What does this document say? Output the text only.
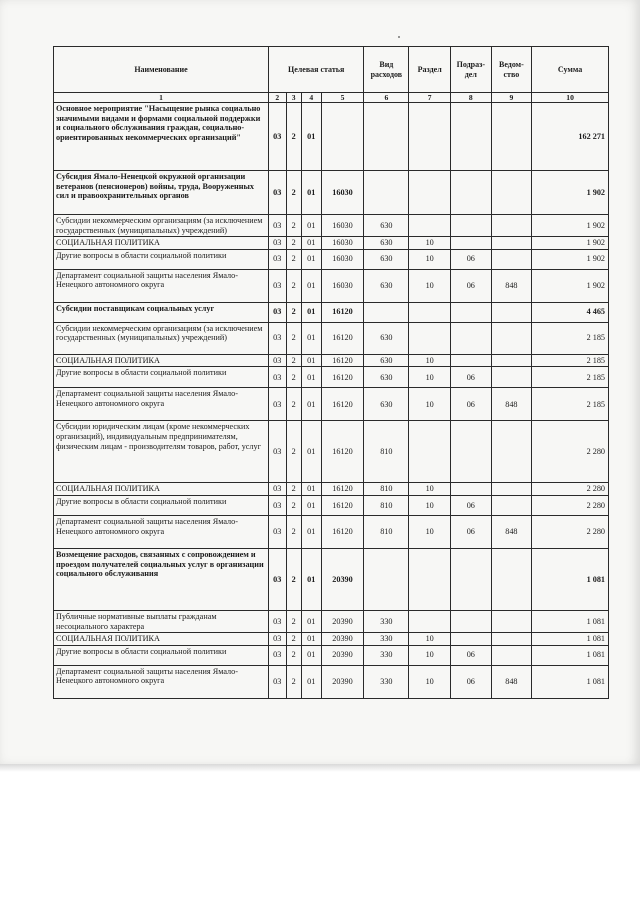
Наименование	Целевая статья				Вид расходов	Раздел	Подраз-дел	Ведом-ство	Сумма
1	2	3	4	5	6	7	8	9	10
Основное мероприятие "Насыщение рынка социально значимыми видами и формами социальной поддержки и социального обслуживания граждан, социально-ориентированных некоммерческих организаций"	03	2	01						162 271
Субсидия Ямало-Ненецкой окружной организации ветеранов (пенсионеров) войны, труда, Вооруженных сил и правоохранительных органов	03	2	01	16030					1 902
Субсидии некоммерческим организациям (за исключением государственных (муниципальных) учреждений)	03	2	01	16030	630				1 902
СОЦИАЛЬНАЯ ПОЛИТИКА	03	2	01	16030	630	10			1 902
Другие вопросы в области социальной политики	03	2	01	16030	630	10	06		1 902
Департамент социальной защиты населения Ямало-Ненецкого автономного округа	03	2	01	16030	630	10	06	848	1 902
Субсидии поставщикам социальных услуг	03	2	01	16120					4 465
Субсидии некоммерческим организациям (за исключением государственных (муниципальных) учреждений)	03	2	01	16120	630				2 185
СОЦИАЛЬНАЯ ПОЛИТИКА	03	2	01	16120	630	10			2 185
Другие вопросы в области социальной политики	03	2	01	16120	630	10	06		2 185
Департамент социальной защиты населения Ямало-Ненецкого автономного округа	03	2	01	16120	630	10	06	848	2 185
Субсидии юридическим лицам (кроме некоммерческих организаций), индивидуальным предпринимателям, физическим лицам - производителям товаров, работ, услуг	03	2	01	16120	810				2 280
СОЦИАЛЬНАЯ ПОЛИТИКА	03	2	01	16120	810	10			2 280
Другие вопросы в области социальной политики	03	2	01	16120	810	10	06		2 280
Департамент социальной защиты населения Ямало-Ненецкого автономного округа	03	2	01	16120	810	10	06	848	2 280
Возмещение расходов, связанных с сопровождением и проездом получателей социальных услуг в организации социального обслуживания	03	2	01	20390					1 081
Публичные нормативные выплаты гражданам несоциального характера	03	2	01	20390	330				1 081
СОЦИАЛЬНАЯ ПОЛИТИКА	03	2	01	20390	330	10			1 081
Другие вопросы в области социальной политики	03	2	01	20390	330	10	06		1 081
Департамент социальной защиты населения Ямало-Ненецкого автономного округа	03	2	01	20390	330	10	06	848	1 081
